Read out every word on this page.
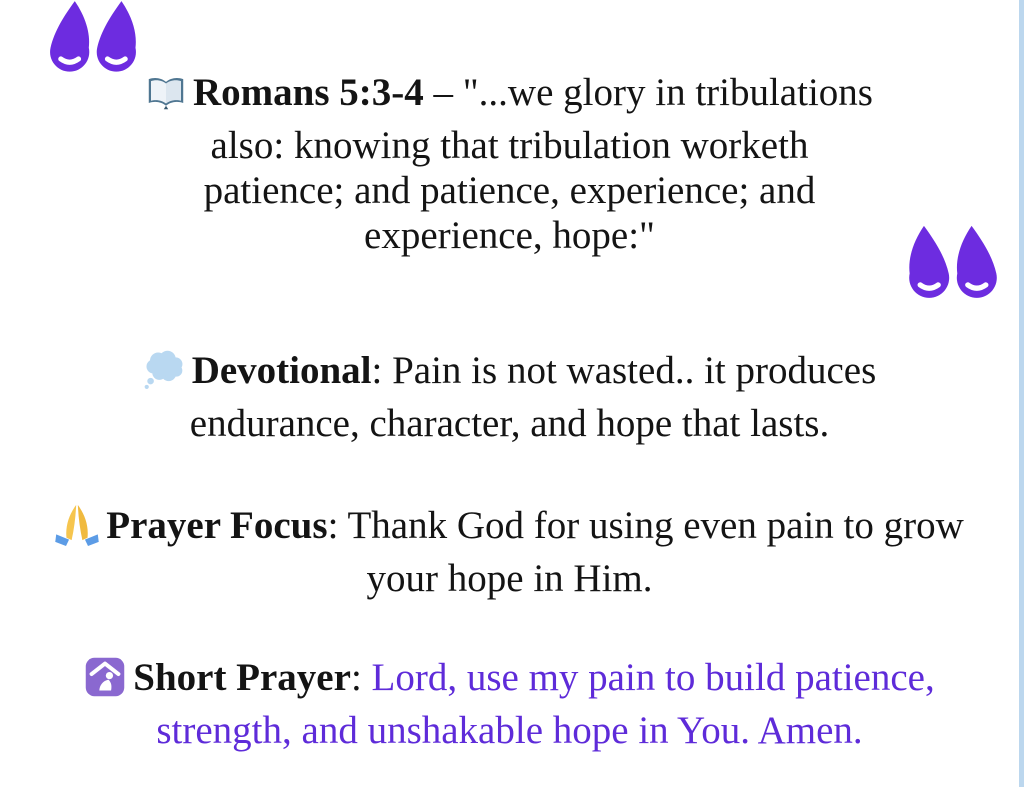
Romans 5:3-4 – "...we glory in tribulations
also: knowing that tribulation worketh
patience; and patience, experience; and
experience, hope:"
Devotional: Pain is not wasted.. it produces
endurance, character, and hope that lasts.
Prayer Focus: Thank God for using even pain to grow
your hope in Him.
Short Prayer: Lord, use my pain to build patience,
strength, and unshakable hope in You. Amen.
